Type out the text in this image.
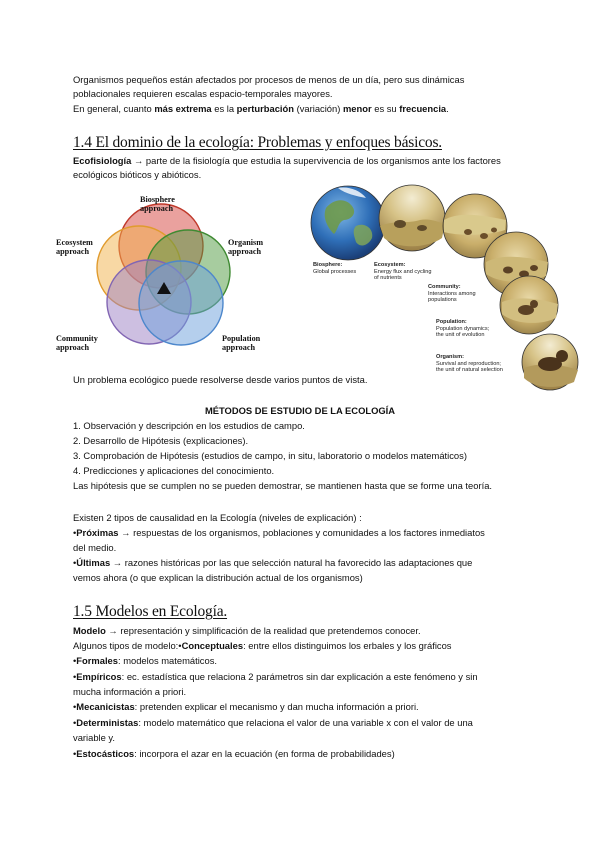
Organismos pequeños están afectados por procesos de menos de un día, pero sus dinámicas
poblacionales requieren escalas espacio-temporales mayores.
En general, cuanto más extrema es la perturbación (variación) menor es su frecuencia.
1.4 El dominio de la ecología: Problemas y enfoques básicos.
Ecofisiología → parte de la fisiología que estudia la supervivencia de los organismos ante los factores
ecológicos bióticos y abióticos.
Biosphere
approach
Ecosystem
approach
Organism
approach
Community
approach
Population
approach
Biosphere:
Global processes
Ecosystem:
Energy flux and cycling
of nutrients
Community:
Interactions among
populations
Population:
Population dynamics;
the unit of evolution
Organism:
Survival and reproduction;
the unit of natural selection
Un problema ecológico puede resolverse desde varios puntos de vista.
MÉTODOS DE ESTUDIO DE LA ECOLOGÍA
1. Observación y descripción en los estudios de campo.
2. Desarrollo de Hipótesis (explicaciones).
3. Comprobación de Hipótesis (estudios de campo, in situ, laboratorio o modelos matemáticos)
4. Predicciones y aplicaciones del conocimiento.
Las hipótesis que se cumplen no se pueden demostrar, se mantienen hasta que se forme una teoría.
Existen 2 tipos de causalidad en la Ecología (niveles de explicación) :
•Próximas → respuestas de los organismos, poblaciones y comunidades a los factores inmediatos
del medio.
•Últimas → razones históricas por las que selección natural ha favorecido las adaptaciones que
vemos ahora (o que explican la distribución actual de los organismos)
1.5 Modelos en Ecología.
Modelo → representación y simplificación de la realidad que pretendemos conocer.
Algunos tipos de modelo:•Conceptuales: entre ellos distinguimos los erbales y los gráficos
•Formales: modelos matemáticos.
•Empíricos: ec. estadística que relaciona 2 parámetros sin dar explicación a este fenómeno y sin
mucha información a priori.
•Mecanicistas: pretenden explicar el mecanismo y dan mucha información a priori.
•Deterministas: modelo matemático que relaciona el valor de una variable x con el valor de una
variable y.
•Estocásticos: incorpora el azar en la ecuación (en forma de probabilidades)
